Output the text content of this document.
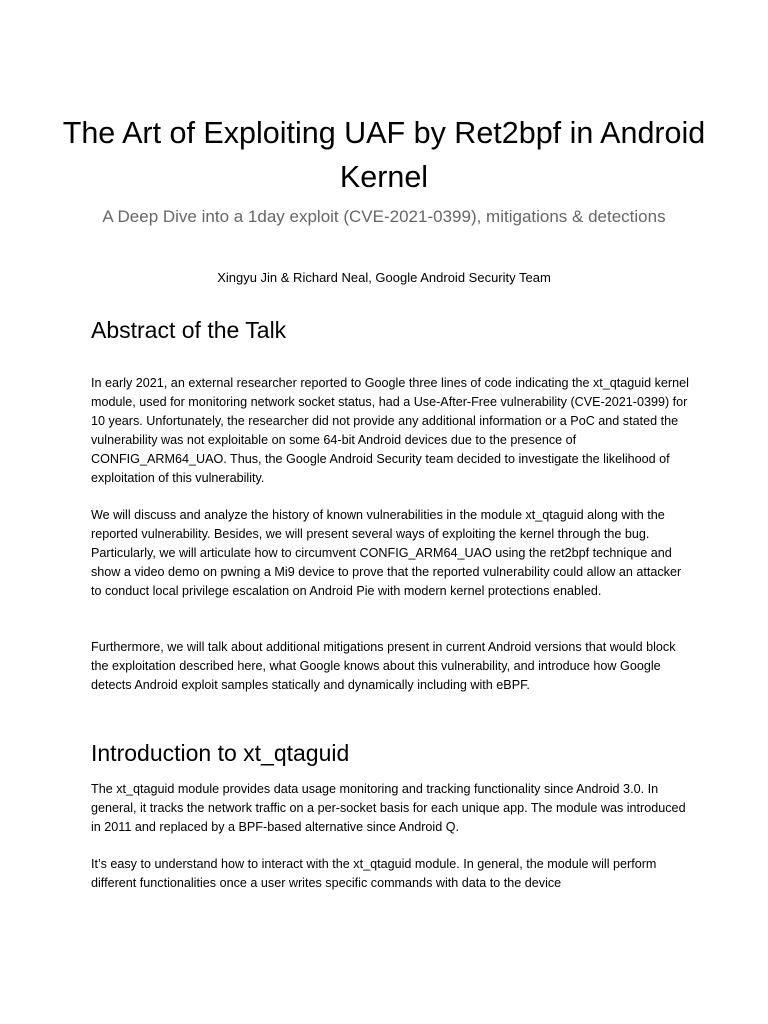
The Art of Exploiting UAF by Ret2bpf in Android Kernel

A Deep Dive into a 1day exploit (CVE-2021-0399), mitigations & detections

Xingyu Jin & Richard Neal, Google Android Security Team

Abstract of the Talk

In early 2021, an external researcher reported to Google three lines of code indicating the xt_qtaguid kernel module, used for monitoring network socket status, had a Use-After-Free vulnerability (CVE-2021-0399) for 10 years. Unfortunately, the researcher did not provide any additional information or a PoC and stated the vulnerability was not exploitable on some 64-bit Android devices due to the presence of CONFIG_ARM64_UAO. Thus, the Google Android Security team decided to investigate the likelihood of exploitation of this vulnerability.

We will discuss and analyze the history of known vulnerabilities in the module xt_qtaguid along with the reported vulnerability. Besides, we will present several ways of exploiting the kernel through the bug. Particularly, we will articulate how to circumvent CONFIG_ARM64_UAO using the ret2bpf technique and show a video demo on pwning a Mi9 device to prove that the reported vulnerability could allow an attacker to conduct local privilege escalation on Android Pie with modern kernel protections enabled.

Furthermore, we will talk about additional mitigations present in current Android versions that would block the exploitation described here, what Google knows about this vulnerability, and introduce how Google detects Android exploit samples statically and dynamically including with eBPF.

Introduction to xt_qtaguid

The xt_qtaguid module provides data usage monitoring and tracking functionality since Android 3.0. In general, it tracks the network traffic on a per-socket basis for each unique app. The module was introduced in 2011 and replaced by a BPF-based alternative since Android Q.

It’s easy to understand how to interact with the xt_qtaguid module. In general, the module will perform different functionalities once a user writes specific commands with data to the device
